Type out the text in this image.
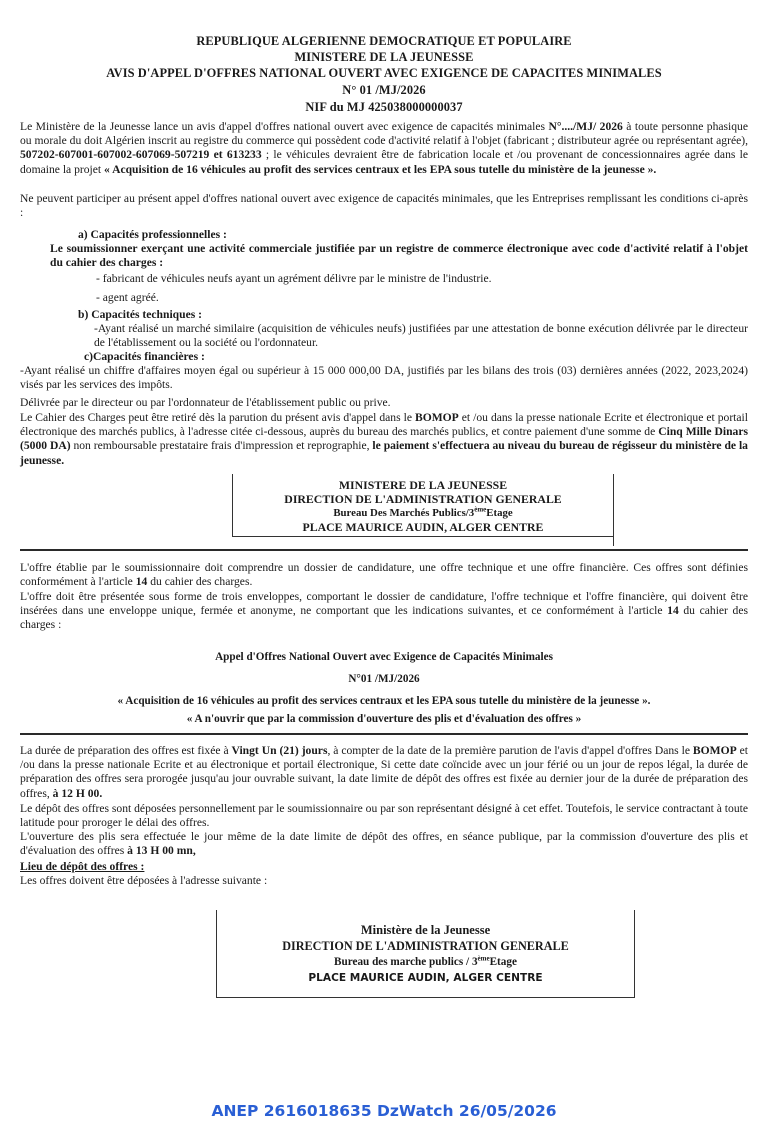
REPUBLIQUE ALGERIENNE DEMOCRATIQUE ET POPULAIRE
MINISTERE DE LA JEUNESSE
AVIS D'APPEL D'OFFRES NATIONAL OUVERT AVEC EXIGENCE DE CAPACITES MINIMALES
N° 01 /MJ/2026
NIF du MJ 425038000000037

Le Ministère de la Jeunesse lance un avis d'appel d'offres national ouvert avec exigence de capacités minimales N°..../MJ/ 2026 à toute personne phasique ou morale du doit Algérien inscrit au registre du commerce qui possèdent code d'activité relatif à l'objet (fabricant ; distributeur agrée ou représentant agrée), 507202-607001-607002-607069-507219 et 613233 ; le véhicules devraient être de fabrication locale et /ou provenant de concessionnaires agrée dans le domaine la projet « Acquisition de 16 véhicules au profit des services centraux et les EPA sous tutelle du ministère de la jeunesse ».

Ne peuvent participer au présent appel d'offres national ouvert avec exigence de capacités minimales, que les Entreprises remplissant les conditions ci-après :

a) Capacités professionnelles :

Le soumissionner exerçant une activité commerciale justifiée par un registre de commerce électronique avec code d'activité relatif à l'objet du cahier des charges :

- fabricant de véhicules neufs ayant un agrément délivre par le ministre de l'industrie.

- agent agréé.

b) Capacités techniques :

-Ayant réalisé un marché similaire (acquisition de véhicules neufs) justifiées par une attestation de bonne exécution délivrée par le directeur de l'établissement ou la société ou l'ordonnateur.

c)Capacités financières :

-Ayant réalisé un chiffre d'affaires moyen égal ou supérieur à 15 000 000,00 DA, justifiés par les bilans des trois (03) dernières années (2022, 2023,2024) visés par les services des impôts.

Délivrée par le directeur ou par l'ordonnateur de l'établissement public ou prive.

Le Cahier des Charges peut être retiré dès la parution du présent avis d'appel dans le BOMOP et /ou dans la presse nationale Ecrite et électronique et portail électronique des marchés publics, à l'adresse citée ci-dessous, auprès du bureau des marchés publics, et contre paiement d'une somme de Cinq Mille Dinars (5000 DA) non remboursable prestataire frais d'impression et reprographie, le paiement s'effectuera au niveau du bureau de régisseur du ministère de la jeunesse.

MINISTERE DE LA JEUNESSE
DIRECTION DE L'ADMINISTRATION GENERALE
Bureau Des Marchés Publics/3èmeEtage
PLACE MAURICE AUDIN, ALGER CENTRE

L'offre établie par le soumissionnaire doit comprendre un dossier de candidature, une offre technique et une offre financière. Ces offres sont définies conformément à l'article 14 du cahier des charges.

L'offre doit être présentée sous forme de trois enveloppes, comportant le dossier de candidature, l'offre technique et l'offre financière, qui doivent être insérées dans une enveloppe unique, fermée et anonyme, ne comportant que les indications suivantes, et ce conformément à l'article 14 du cahier des charges :

Appel d'Offres National Ouvert avec Exigence de Capacités Minimales
N°01 /MJ/2026
« Acquisition de 16 véhicules au profit des services centraux et les EPA sous tutelle du ministère de la jeunesse ».
« A n'ouvrir que par la commission d'ouverture des plis et d'évaluation des offres »

La durée de préparation des offres est fixée à Vingt Un (21) jours, à compter de la date de la première parution de l'avis d'appel d'offres Dans le BOMOP et /ou dans la presse nationale Ecrite et au électronique et portail électronique, Si cette date coïncide avec un jour férié ou un jour de repos légal, la durée de préparation des offres sera prorogée jusqu'au jour ouvrable suivant, la date limite de dépôt des offres est fixée au dernier jour de la durée de préparation des offres, à 12 H 00.

Le dépôt des offres sont déposées personnellement par le soumissionnaire ou par son représentant désigné à cet effet. Toutefois, le service contractant à toute latitude pour proroger le délai des offres.

L'ouverture des plis sera effectuée le jour même de la date limite de dépôt des offres, en séance publique, par la commission d'ouverture des plis et d'évaluation des offres à 13 H 00 mn,

Lieu de dépôt des offres :

Les offres doivent être déposées à l'adresse suivante :

Ministère de la Jeunesse
DIRECTION DE L'ADMINISTRATION GENERALE
Bureau des marche publics / 3èmeEtage
PLACE MAURICE AUDIN, ALGER CENTRE
ANEP 2616018635 DzWatch 26/05/2026
